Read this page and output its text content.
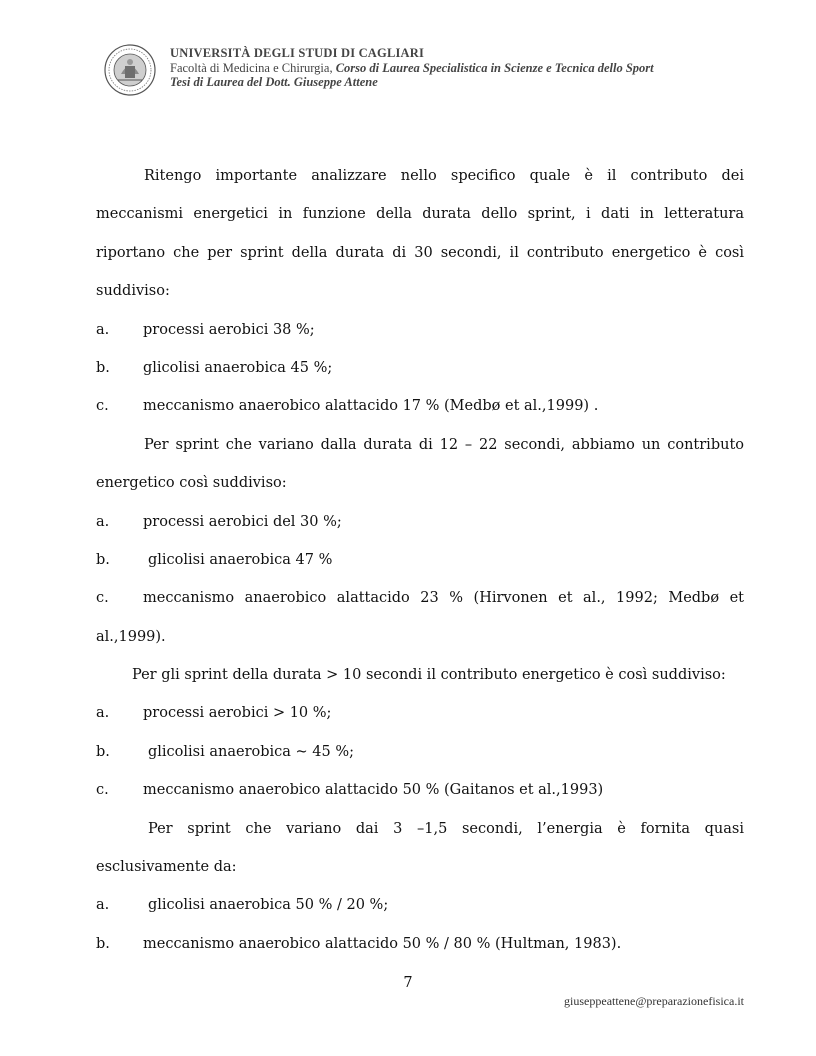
UNIVERSITÀ DEGLI STUDI DI CAGLIARI
Facoltà di Medicina e Chirurgia, Corso di Laurea Specialistica in Scienze e Tecnica dello Sport
Tesi di Laurea del Dott. Giuseppe Attene
Ritengo importante analizzare nello specifico quale è il contributo dei
meccanismi energetici in funzione della durata dello sprint, i dati in letteratura
riportano che per sprint della durata di 30 secondi, il contributo energetico è così
suddiviso:
a.	processi aerobici 38 %;
b.	glicolisi anaerobica 45 %;
c.	meccanismo anaerobico alattacido 17 % (Medbø et al.,1999) .
Per sprint che variano dalla durata di 12 – 22 secondi, abbiamo un contributo
energetico così suddiviso:
a.	processi aerobici del 30 %;
b.	glicolisi anaerobica 47 %
c.	meccanismo anaerobico alattacido 23 % (Hirvonen et al., 1992; Medbø et
al.,1999).
Per gli sprint della durata > 10 secondi il contributo energetico è così suddiviso:
a.	processi aerobici > 10 %;
b.	glicolisi anaerobica ~ 45 %;
c.	meccanismo anaerobico alattacido 50 % (Gaitanos et al.,1993)
Per sprint che variano dai 3 –1,5 secondi, l’energia è fornita quasi
esclusivamente da:
a.	glicolisi anaerobica 50 % / 20 %;
b.	meccanismo anaerobico alattacido 50 % / 80 % (Hultman, 1983).
7
giuseppeattene@preparazionefisica.it
